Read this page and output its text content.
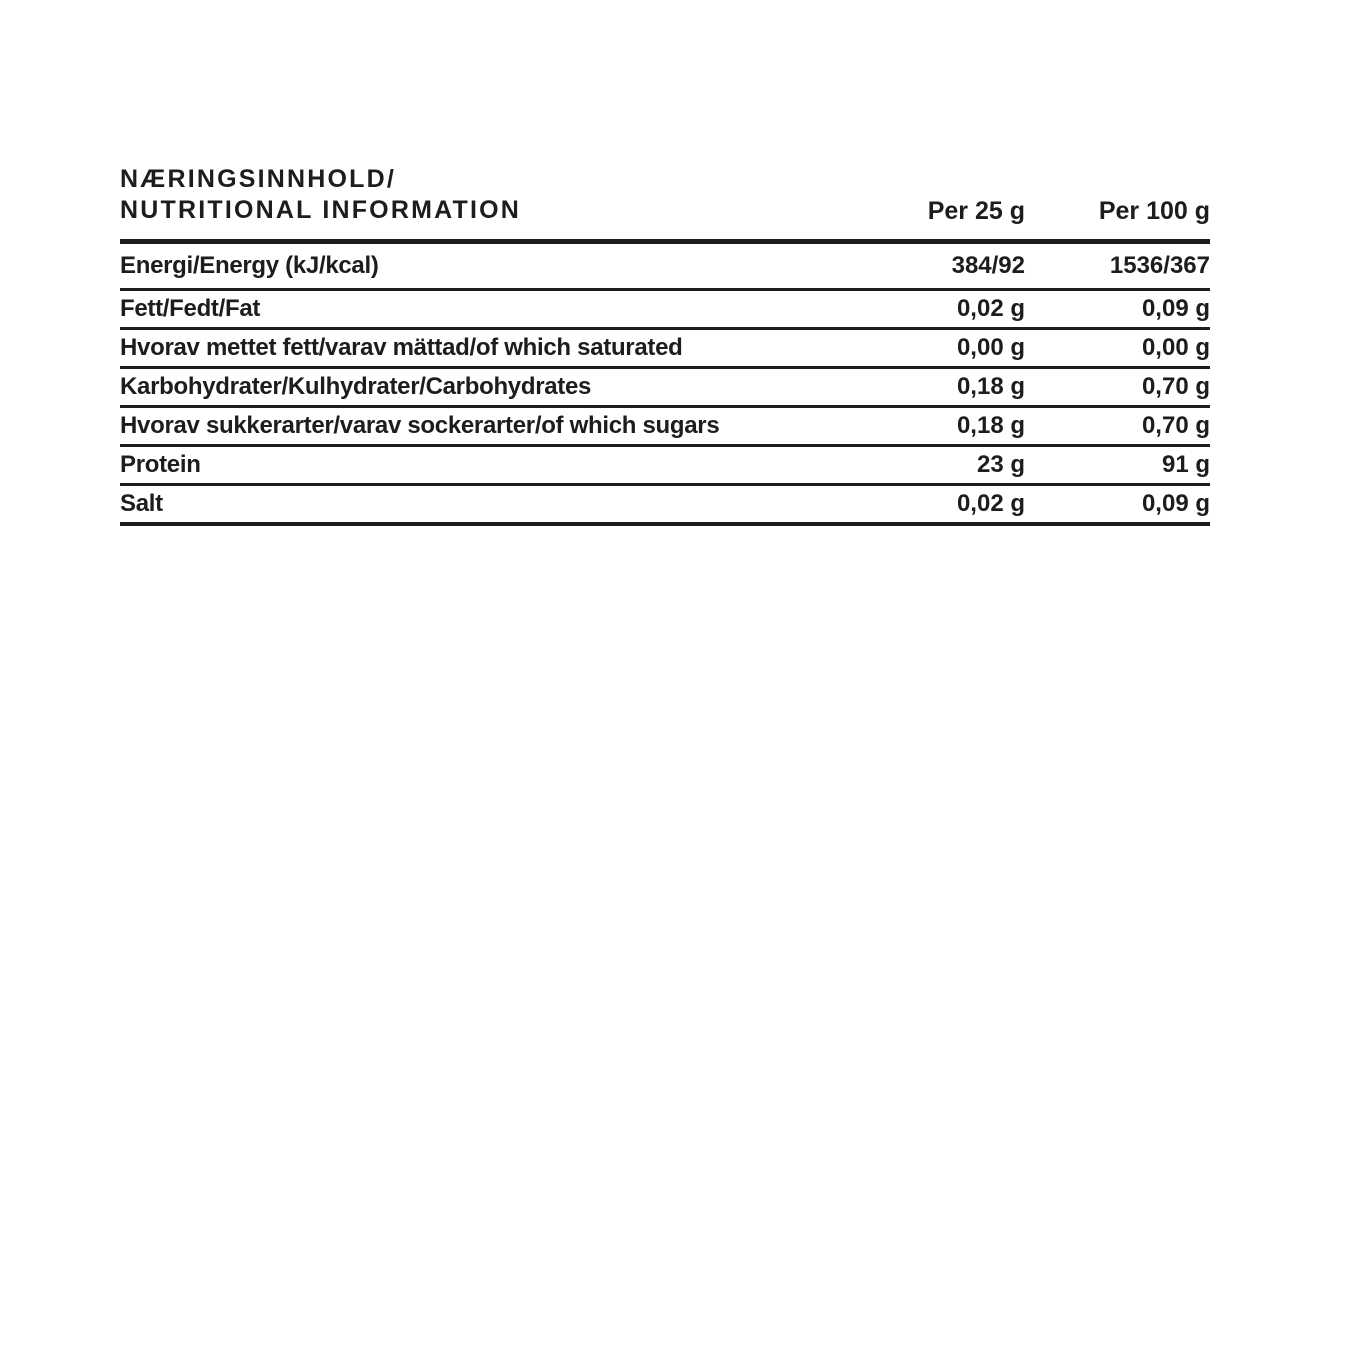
NÆRINGSINNHOLD/
NUTRITIONAL INFORMATION	Per 25 g	Per 100 g
Energi/Energy (kJ/kcal)	384/92	1536/367
Fett/Fedt/Fat	0,02 g	0,09 g
Hvorav mettet fett/varav mättad/of which saturated	0,00 g	0,00 g
Karbohydrater/Kulhydrater/Carbohydrates	0,18 g	0,70 g
Hvorav sukkerarter/varav sockerarter/of which sugars	0,18 g	0,70 g
Protein	23 g	91 g
Salt	0,02 g	0,09 g
